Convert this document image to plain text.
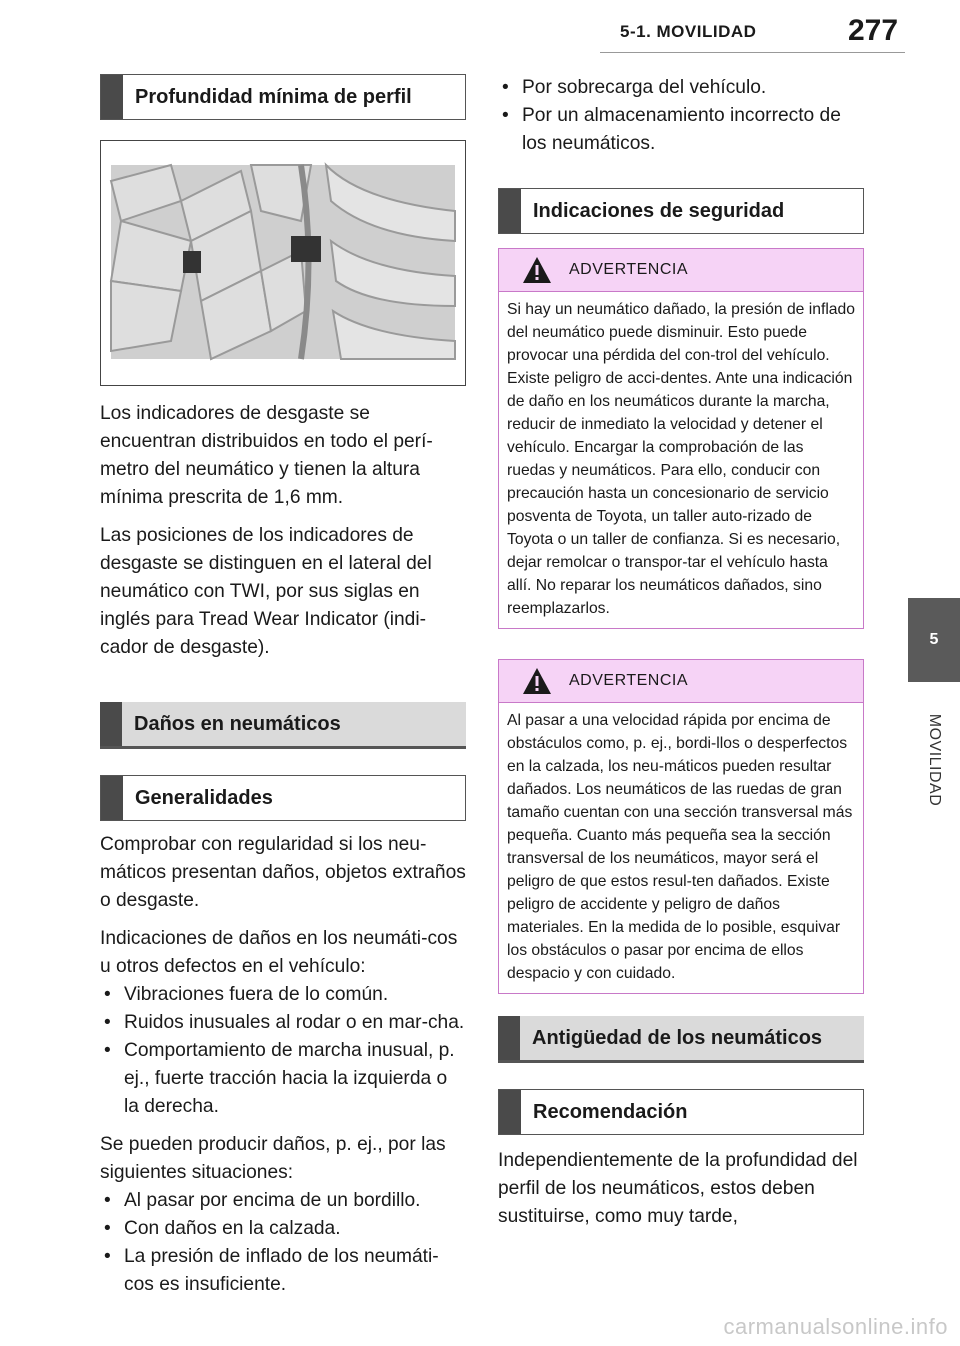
5-1. MOVILIDAD	277
5
MOVILIDAD
Profundidad mínima de perfil

Los indicadores de desgaste se encuentran distribuidos en todo el perí-metro del neumático y tienen la altura mínima prescrita de 1,6 mm.

Las posiciones de los indicadores de desgaste se distinguen en el lateral del neumático con TWI, por sus siglas en inglés para Tread Wear Indicator (indi-cador de desgaste).

Daños en neumáticos
Generalidades

Comprobar con regularidad si los neu-máticos presentan daños, objetos extraños o desgaste.

Indicaciones de daños en los neumáti-cos u otros defectos en el vehículo:

• Vibraciones fuera de lo común.
• Ruidos inusuales al rodar o en mar-cha.
• Comportamiento de marcha inusual, p. ej., fuerte tracción hacia la izquierda o la derecha.

Se pueden producir daños, p. ej., por las siguientes situaciones:

• Al pasar por encima de un bordillo.
• Con daños en la calzada.
• La presión de inflado de los neumáti-cos es insuficiente.
• Por sobrecarga del vehículo.
• Por un almacenamiento incorrecto de los neumáticos.
Indicaciones de seguridad
ADVERTENCIA
Si hay un neumático dañado, la presión de inflado del neumático puede disminuir. Esto puede provocar una pérdida del con-trol del vehículo. Existe peligro de acci-dentes. Ante una indicación de daño en los neumáticos durante la marcha, reducir de inmediato la velocidad y detener el vehículo. Encargar la comprobación de las ruedas y neumáticos. Para ello, conducir con precaución hasta un concesionario de servicio posventa de Toyota, un taller auto-rizado de Toyota o un taller de confianza. Si es necesario, dejar remolcar o transpor-tar el vehículo hasta allí. No reparar los neumáticos dañados, sino reemplazarlos.
ADVERTENCIA
Al pasar a una velocidad rápida por encima de obstáculos como, p. ej., bordi-llos o desperfectos en la calzada, los neu-máticos pueden resultar dañados. Los neumáticos de las ruedas de gran tamaño cuentan con una sección transversal más pequeña. Cuanto más pequeña sea la sección transversal de los neumáticos, mayor será el peligro de que estos resul-ten dañados. Existe peligro de accidente y peligro de daños materiales. En la medida de lo posible, esquivar los obstáculos o pasar por encima de ellos despacio y con cuidado.
Antigüedad de los neumáticos
Recomendación

Independientemente de la profundidad del perfil de los neumáticos, estos deben sustituirse, como muy tarde,

carmanualsonline.info
